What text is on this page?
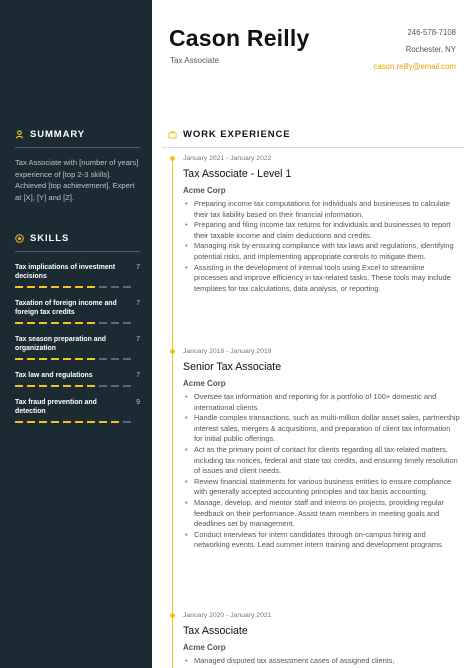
SUMMARY

Tax Associate with [number of years] experience of [top 2-3 skills]. Achieved [top achievement]. Expert at [X], [Y] and [Z].

SKILLS
Tax implications of investment decisions
7
Taxation of foreign income and foreign tax credits
7
Tax season preparation and organization
7
Tax law and regulations	7
Tax fraud prevention and detection
9
Cason Reilly
Tax Associate
246-578-7108
Rochester, NY
cason.reilly@email.com
WORK EXPERIENCE
January 2021 - January 2022
Tax Associate - Level 1
Acme Corp
• Preparing income tax computations for individuals and businesses to calculate their tax liability based on their financial information.
• Preparing and filing income tax returns for individuals and businesses to report their taxable income and claim deductions and credits.
• Managing risk by ensuring compliance with tax laws and regulations, identifying potential risks, and implementing appropriate controls to mitigate them.
• Assisting in the development of internal tools using Excel to streamline processes and improve efficiency in tax-related tasks. These tools may include templates for tax calculations, data analysis, or reporting.
January 2018 - January 2019
Senior Tax Associate
Acme Corp
• Oversee tax information and reporting for a portfolio of 100+ domestic and international clients.
• Handle complex transactions, such as multi-million dollar asset sales, partnership interest sales, mergers & acquisitions, and preparation of client tax information for initial public offerings.
• Act as the primary point of contact for clients regarding all tax-related matters, including tax notices, federal and state tax credits, and ensuring timely resolution of issues and client needs.
• Review financial statements for various business entities to ensure compliance with generally accepted accounting principles and tax basis accounting.
• Manage, develop, and mentor staff and interns on projects, providing regular feedback on their performance. Assist team members in meeting goals and deadlines set by management.
• Conduct interviews for intern candidates through on-campus hiring and networking events. Lead summer intern training and development programs.
January 2020 - January 2021
Tax Associate
Acme Corp
• Managed disputed tax assessment cases of assigned clients,
